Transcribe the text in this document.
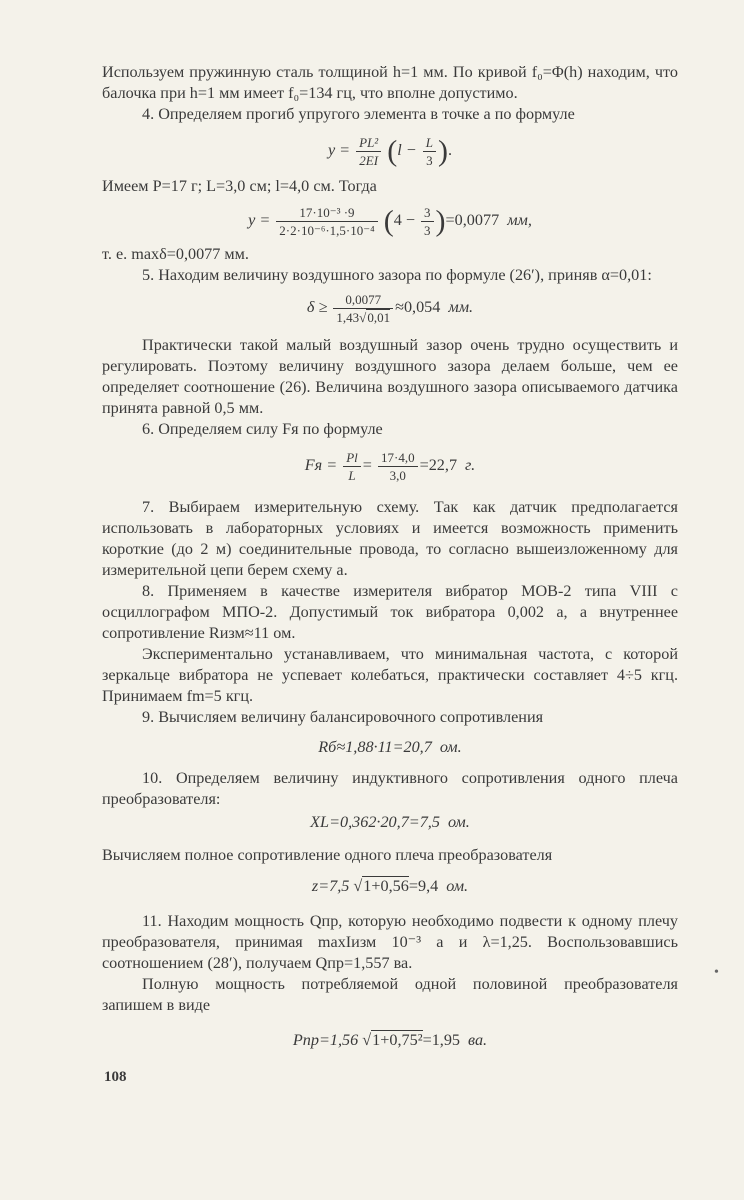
Используем пружинную сталь толщиной h=1 мм. По кривой f₀=Φ(h) находим, что балочка при h=1 мм имеет f₀=134 гц, что вполне допустимо.

4. Определяем прогиб упругого элемента в точке a по формуле

$y = \frac{\text{PL²}}{2EI} (l - \frac{L}{3}$ ).

Имеем P=17 г; L=3,0 см; l=4,0 см. Тогда

$y = \frac{\text{17·10⁻³ ·9}}{\text{2·2·10⁻⁶·1,5·10⁻⁴}} (4 - \frac{3}{3} )=0,0077$ мм,

т. е. maxδ=0,0077 мм.

5. Находим величину воздушного зазора по формуле (26′), приняв α=0,01:

$\delta \ge \frac{0,0077}{1,43√0,01} \approx 0,054$ мм.

Практически такой малый воздушный зазор очень трудно осуществить и регулировать. Поэтому величину воздушного зазора делаем больше, чем ее определяет соотношение (26). Величина воздушного зазора описываемого датчика принята равной 0,5 мм.

6. Определяем силу Fя по формуле

Fя = $\frac{Pl}{L} = \frac{17\cdot 4,0}{3,0} =22,7$ г.

7. Выбираем измерительную схему. Так как датчик предполагается использовать в лабораторных условиях и имеется возможность применить короткие (до 2 м) соединительные провода, то согласно вышеизложенному для измерительной цепи берем схему a.

8. Применяем в качестве измерителя вибратор МОВ-2 типа VIII с осциллографом МПО-2. Допустимый ток вибратора 0,002 a, а внутреннее сопротивление Rизм≈11 ом.

Экспериментально устанавливаем, что минимальная частота, с которой зеркальце вибратора не успевает колебаться, практически составляет 4÷5 кгц. Принимаем fm=5 кгц.

9. Вычисляем величину балансировочного сопротивления

Rб≈1,88·11=20,7 ом.

10. Определяем величину индуктивного сопротивления одного плеча преобразователя:

XL=0,362·20,7=7,5 ом.

Вычисляем полное сопротивление одного плеча преобразователя

z=7,5 √1+0,56=9,4 ом.

11. Находим мощность Qпр, которую необходимо подвести к одному плечу преобразователя, принимая maxIизм 10⁻³ a и λ=1,25. Воспользовавшись соотношением (28′), получаем Qпр=1,557 ва.

Полную мощность потребляемой одной половиной преобразователя запишем в виде

Pпр=1,56 √1+0,75²=1,95 ва.
•
108
